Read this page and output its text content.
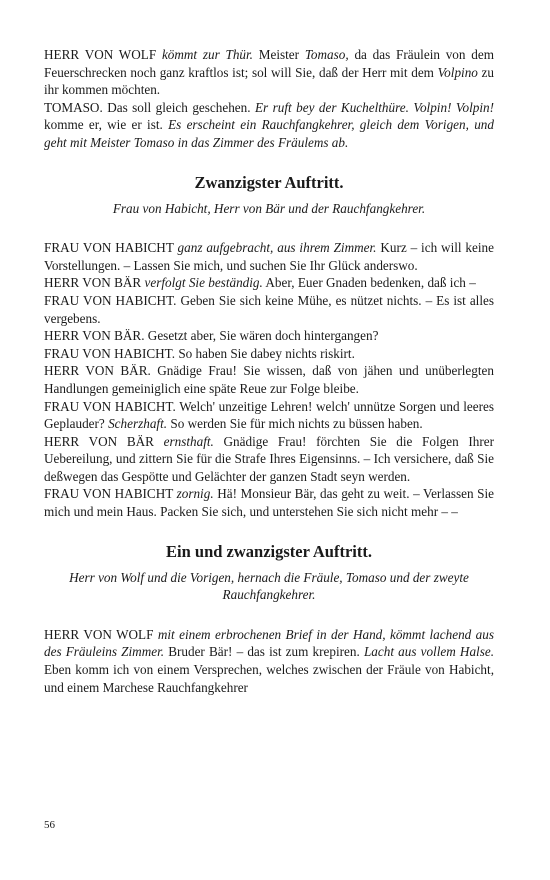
HERR VON WOLF kömmt zur Thür. Meister Tomaso, da das Fräulein von dem Feuerschrecken noch ganz kraftlos ist; sol will Sie, daß der Herr mit dem Volpino zu ihr kommen möchten.

TOMASO. Das soll gleich geschehen. Er ruft bey der Kuchelthüre. Volpin! Volpin! komme er, wie er ist. Es erscheint ein Rauchfangkehrer, gleich dem Vorigen, und geht mit Meister Tomaso in das Zimmer des Fräulems ab.

Zwanzigster Auftritt.
Frau von Habicht, Herr von Bär und der Rauchfangkehrer.

FRAU VON HABICHT ganz aufgebracht, aus ihrem Zimmer. Kurz – ich will keine Vorstellungen. – Lassen Sie mich, und suchen Sie Ihr Glück anderswo.

HERR VON BÄR verfolgt Sie beständig. Aber, Euer Gnaden bedenken, daß ich –

FRAU VON HABICHT. Geben Sie sich keine Mühe, es nützet nichts. – Es ist alles vergebens.

HERR VON BÄR. Gesetzt aber, Sie wären doch hintergangen?

FRAU VON HABICHT. So haben Sie dabey nichts riskirt.

HERR VON BÄR. Gnädige Frau! Sie wissen, daß von jähen und unüberlegten Handlungen gemeiniglich eine späte Reue zur Folge bleibe.

FRAU VON HABICHT. Welch' unzeitige Lehren! welch' unnütze Sorgen und leeres Geplauder? Scherzhaft. So werden Sie für mich nichts zu büssen haben.

HERR VON BÄR ernsthaft. Gnädige Frau! förchten Sie die Folgen Ihrer Uebereilung, und zittern Sie für die Strafe Ihres Eigensinns. – Ich versichere, daß Sie deßwegen das Gespötte und Gelächter der ganzen Stadt seyn werden.

FRAU VON HABICHT zornig. Hä! Monsieur Bär, das geht zu weit. – Verlassen Sie mich und mein Haus. Packen Sie sich, und unterstehen Sie sich nicht mehr – –

Ein und zwanzigster Auftritt.
Herr von Wolf und die Vorigen, hernach die Fräule, Tomaso und der zweyte Rauchfangkehrer.

HERR VON WOLF mit einem erbrochenen Brief in der Hand, kömmt lachend aus des Fräuleins Zimmer. Bruder Bär! – das ist zum krepiren. Lacht aus vollem Halse. Eben komm ich von einem Versprechen, welches zwischen der Fräule von Habicht, und einem Marchese Rauchfangkehrer

56
